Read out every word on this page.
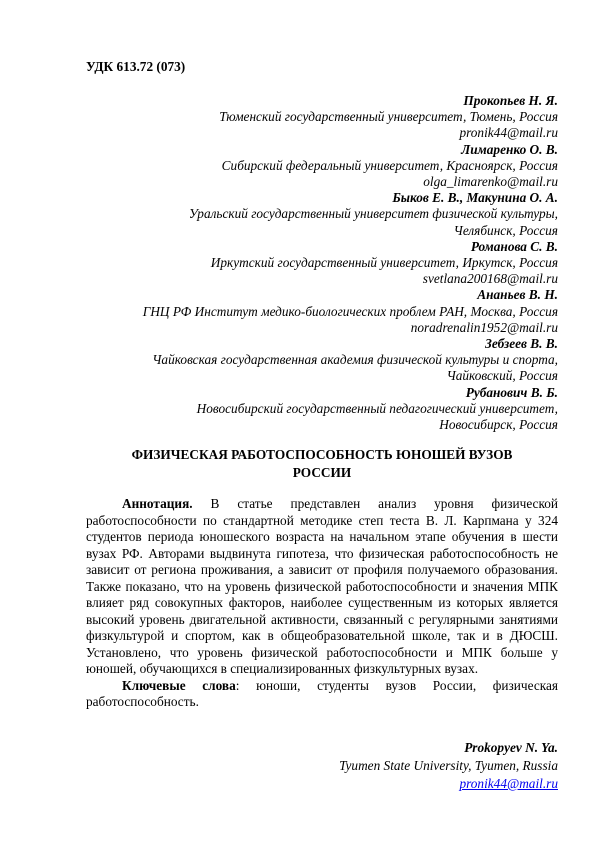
УДК 613.72 (073)
Прокопьев Н. Я.
Тюменский государственный университет, Тюмень, Россия
pronik44@mail.ru
Лимаренко О. В.
Сибирский федеральный университет, Красноярск, Россия
olga_limarenko@mail.ru
Быков Е. В., Макунина О. А.
Уральский государственный университет физической культуры,
Челябинск, Россия
Романова С. В.
Иркутский государственный университет, Иркутск, Россия
svetlana200168@mail.ru
Ананьев В. Н.
ГНЦ РФ Институт медико-биологических проблем РАН, Москва, Россия
noradrenalin1952@mail.ru
Зебзеев В. В.
Чайковская государственная академия физической культуры и спорта,
Чайковский, Россия
Рубанович В. Б.
Новосибирский государственный педагогический университет,
Новосибирск, Россия
ФИЗИЧЕСКАЯ РАБОТОСПОСОБНОСТЬ ЮНОШЕЙ ВУЗОВ
РОССИИ

Аннотация. В статье представлен анализ уровня физической работоспособности по стандартной методике степ теста В. Л. Карпмана у 324 студентов периода юношеского возраста на начальном этапе обучения в шести вузах РФ. Авторами выдвинута гипотеза, что физическая работоспособность не зависит от региона проживания, а зависит от профиля получаемого образования. Также показано, что на уровень физической работоспособности и значения МПК влияет ряд совокупных факторов, наиболее существенным из которых является высокий уровень двигательной активности, связанный с регулярными занятиями физкультурой и спортом, как в общеобразовательной школе, так и в ДЮСШ. Установлено, что уровень физической работоспособности и МПК больше у юношей, обучающихся в специализированных физкультурных вузах.

Ключевые слова: юноши, студенты вузов России, физическая работоспособность.

Prokopyev N. Ya.
Tyumen State University, Tyumen, Russia
pronik44@mail.ru
